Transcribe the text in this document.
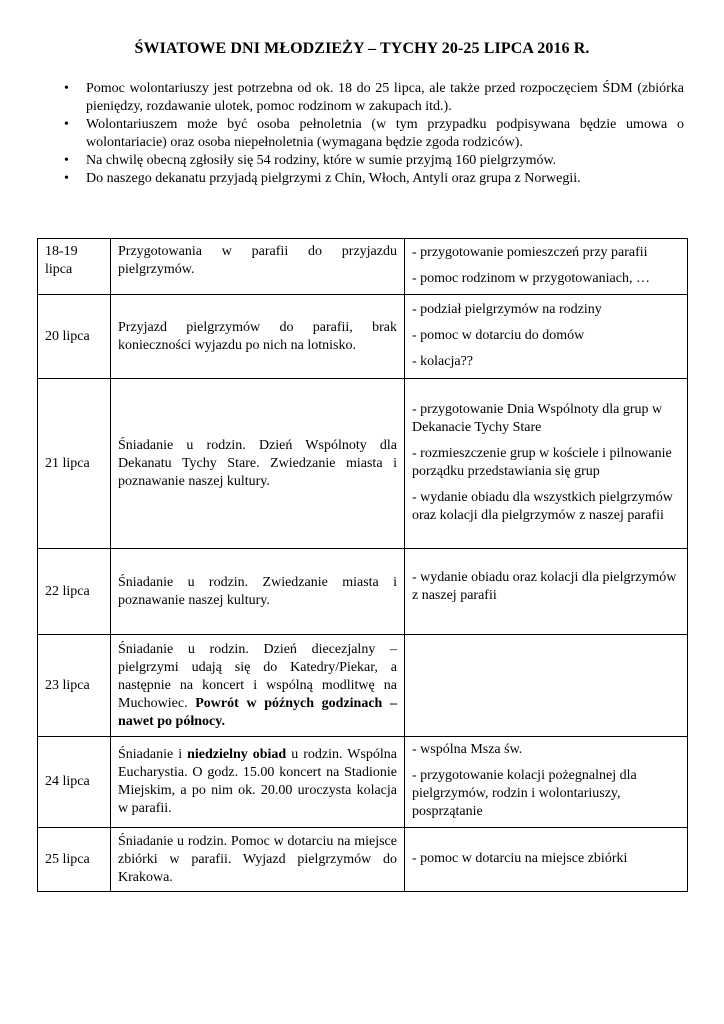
ŚWIATOWE DNI MŁODZIEŻY – TYCHY 20-25 LIPCA 2016 R.
• Pomoc wolontariuszy jest potrzebna od ok. 18 do 25 lipca, ale także przed rozpoczęciem ŚDM (zbiórka pieniędzy, rozdawanie ulotek, pomoc rodzinom w zakupach itd.).
• Wolontariuszem może być osoba pełnoletnia (w tym przypadku podpisywana będzie umowa o wolontariacie) oraz osoba niepełnoletnia (wymagana będzie zgoda rodziców).
• Na chwilę obecną zgłosiły się 54 rodziny, które w sumie przyjmą 160 pielgrzymów.
• Do naszego dekanatu przyjadą pielgrzymi z Chin, Włoch, Antyli oraz grupa z Norwegii.
18-19 lipca	Przygotowania w parafii do przyjazdu pielgrzymów.	- przygotowanie pomieszczeń przy parafii
- pomoc rodzinom w przygotowaniach, …

20 lipca	Przyjazd pielgrzymów do parafii, brak konieczności wyjazdu po nich na lotnisko.	- podział pielgrzymów na rodziny
- pomoc w dotarciu do domów
- kolacja??

21 lipca	Śniadanie u rodzin. Dzień Wspólnoty dla Dekanatu Tychy Stare. Zwiedzanie miasta i poznawanie naszej kultury.	- przygotowanie Dnia Wspólnoty dla grup w Dekanacie Tychy Stare
- rozmieszczenie grup w kościele i pilnowanie porządku przedstawiania się grup
- wydanie obiadu dla wszystkich pielgrzymów oraz kolacji dla pielgrzymów z naszej parafii

22 lipca	Śniadanie u rodzin. Zwiedzanie miasta i poznawanie naszej kultury.	- wydanie obiadu oraz kolacji dla pielgrzymów z naszej parafii

23 lipca	Śniadanie u rodzin. Dzień diecezjalny – pielgrzymi udają się do Katedry/Piekar, a następnie na koncert i wspólną modlitwę na Muchowiec. Powrót w późnych godzinach – nawet po północy.	
24 lipca	Śniadanie i niedzielny obiad u rodzin. Wspólna Eucharystia. O godz. 15.00 koncert na Stadionie Miejskim, a po nim ok. 20.00 uroczysta kolacja w parafii.	- wspólna Msza św.
- przygotowanie kolacji pożegnalnej dla pielgrzymów, rodzin i wolontariuszy, posprzątanie

25 lipca	Śniadanie u rodzin. Pomoc w dotarciu na miejsce zbiórki w parafii. Wyjazd pielgrzymów do Krakowa.	- pomoc w dotarciu na miejsce zbiórki
